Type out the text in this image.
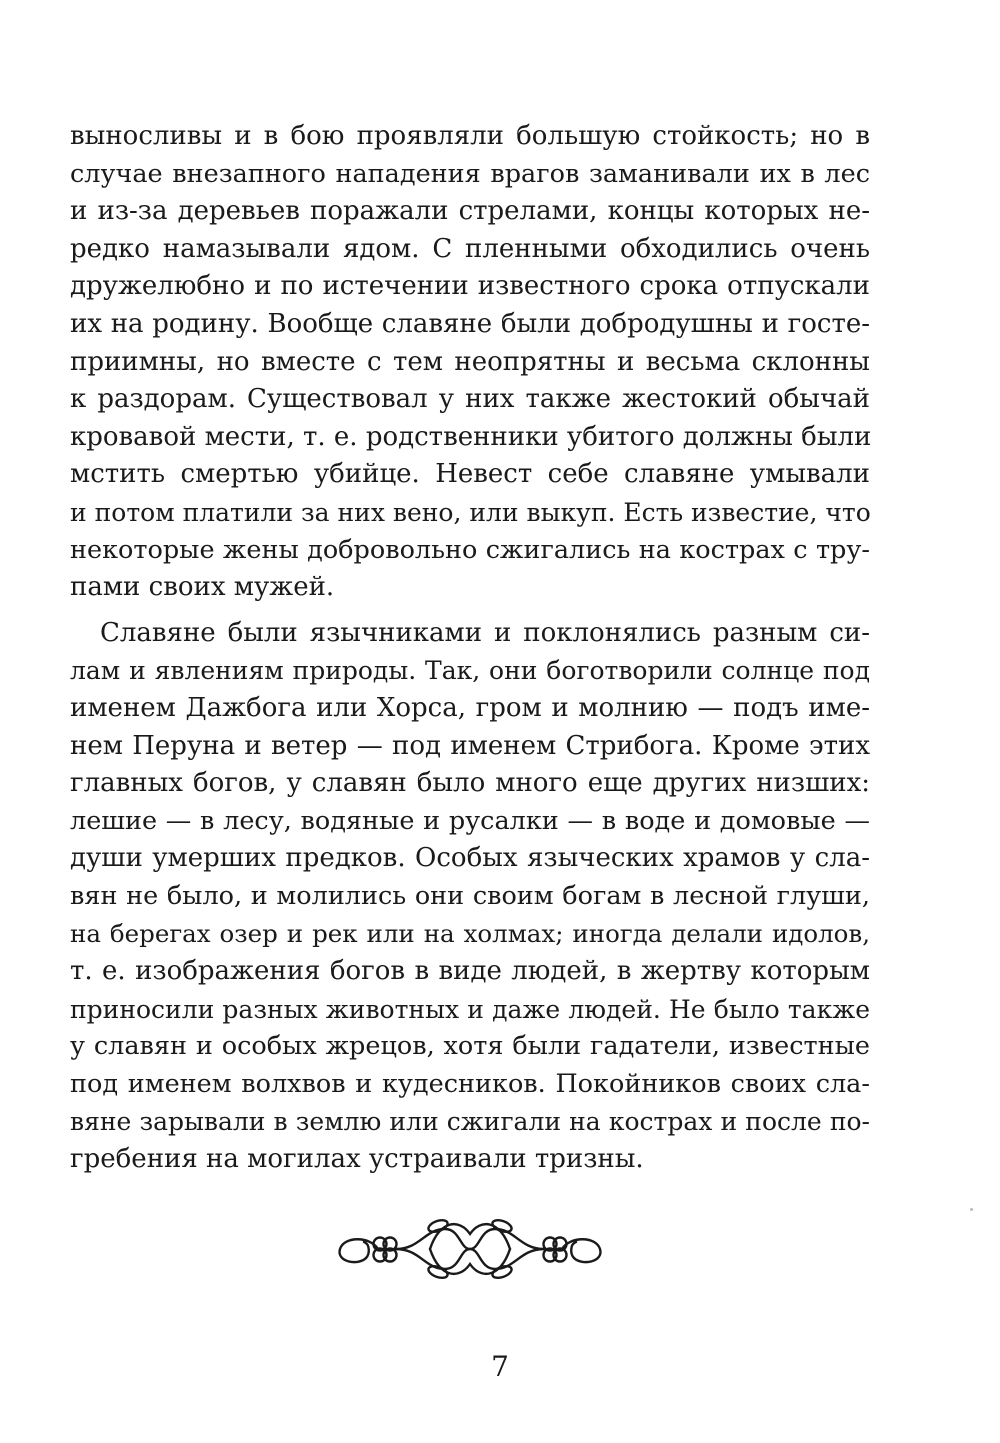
выносливы и в бою проявляли большую стойкость; но в
случае внезапного нападения врагов заманивали их в лес
и из-за деревьев поражали стрелами, концы которых не-
редко намазывали ядом. С пленными обходились очень
дружелюбно и по истечении известного срока отпускали
их на родину. Вообще славяне были добродушны и госте-
приимны, но вместе с тем неопрятны и весьма склонны
к раздорам. Существовал у них также жестокий обычай
кровавой мести, т. е. родственники убитого должны были
мстить смертью убийце. Невест себе славяне умывали
и потом платили за них вено, или выкуп. Есть известие, что
некоторые жены добровольно сжигались на кострах с тру-
пами своих мужей.
Славяне были язычниками и поклонялись разным си-
лам и явлениям природы. Так, они боготворили солнце под
именем Дажбога или Хорса, гром и молнию — подъ име-
нем Перуна и ветер — под именем Стрибога. Кроме этих
главных богов, у славян было много еще других низших:
лешие — в лесу, водяные и русалки — в воде и домовые —
души умерших предков. Особых языческих храмов у сла-
вян не было, и молились они своим богам в лесной глуши,
на берегах озер и рек или на холмах; иногда делали идолов,
т. е. изображения богов в виде людей, в жертву которым
приносили разных животных и даже людей. Не было также
у славян и особых жрецов, хотя были гадатели, известные
под именем волхвов и кудесников. Покойников своих сла-
вяне зарывали в землю или сжигали на кострах и после по-
гребения на могилах устраивали тризны.
7
